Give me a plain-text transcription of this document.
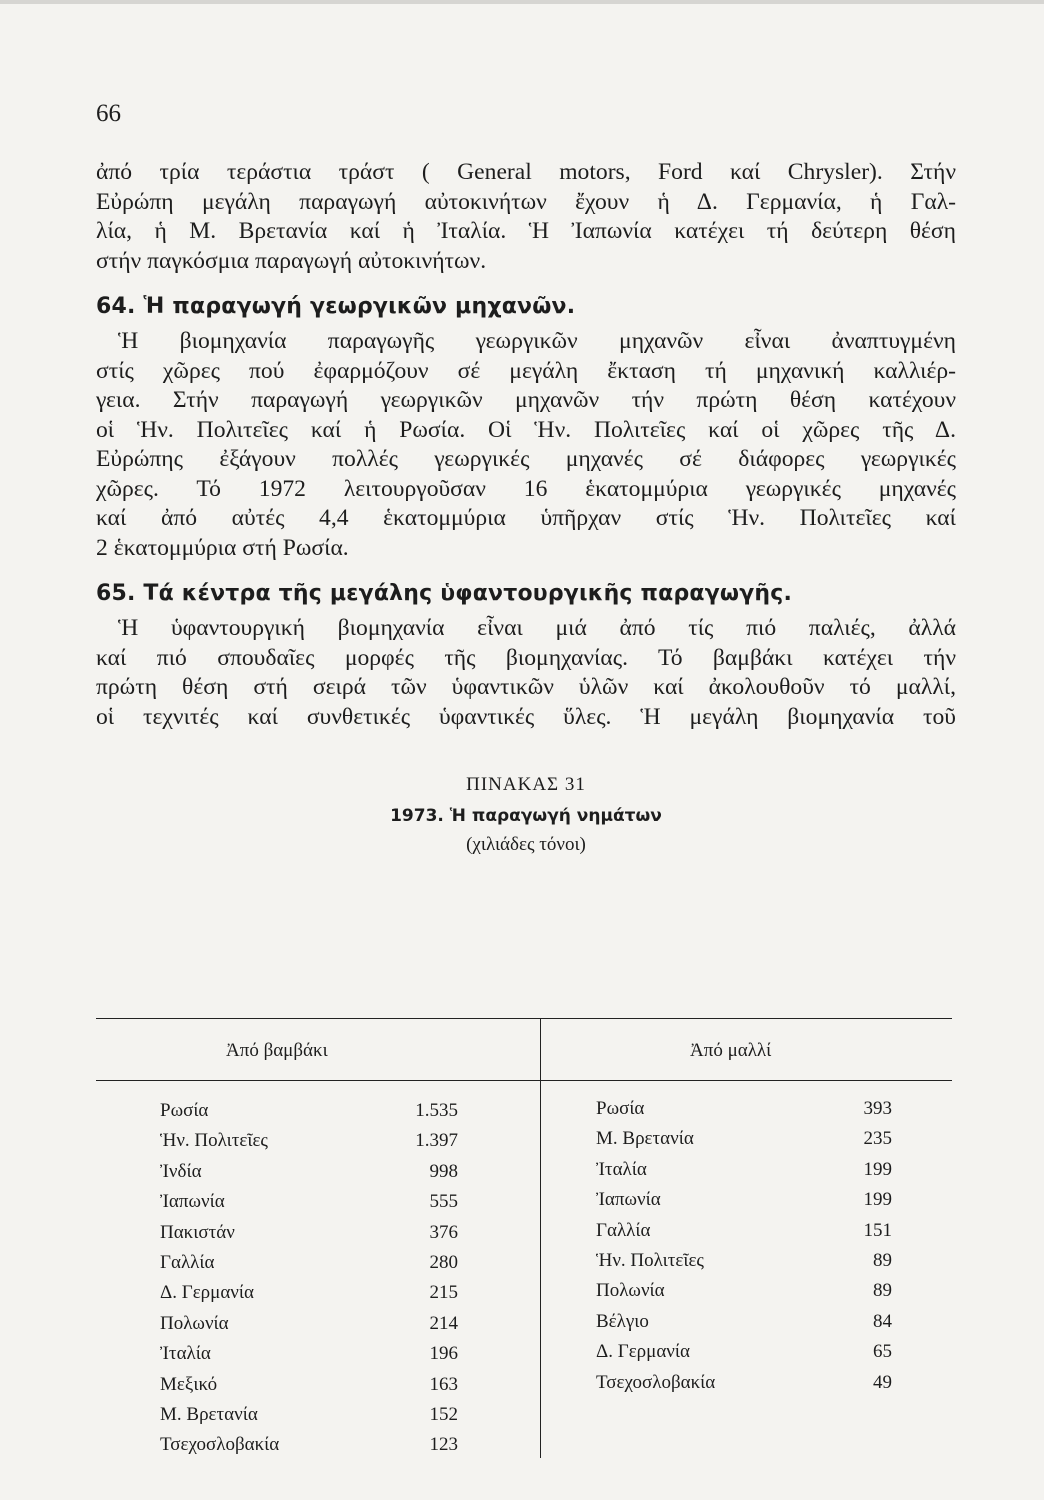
66

ἀπό τρία τεράστια τράστ ( General motors, Ford καί Chrysler). Στήν
Εὐρώπη μεγάλη παραγωγή αὐτοκινήτων ἔχουν ἡ Δ. Γερμανία, ἡ Γαλ-
λία, ἡ Μ. Βρετανία καί ἡ Ἰταλία. Ἡ Ἰαπωνία κατέχει τή δεύτερη θέση
στήν παγκόσμια παραγωγή αὐτοκινήτων.

64. Ἡ παραγωγή γεωργικῶν μηχανῶν.

Ἡ βιομηχανία παραγωγῆς γεωργικῶν μηχανῶν εἶναι ἀναπτυγμένη
στίς χῶρες πού ἐφαρμόζουν σέ μεγάλη ἔκταση τή μηχανική καλλιέρ-
γεια. Στήν παραγωγή γεωργικῶν μηχανῶν τήν πρώτη θέση κατέχουν
οἱ Ἡν. Πολιτεῖες καί ἡ Ρωσία. Οἱ Ἡν. Πολιτεῖες καί οἱ χῶρες τῆς Δ.
Εὐρώπης ἐξάγουν πολλές γεωργικές μηχανές σέ διάφορες γεωργικές
χῶρες. Τό 1972 λειτουργοῦσαν 16 ἑκατομμύρια γεωργικές μηχανές
καί ἀπό αὐτές 4,4 ἑκατομμύρια ὑπῆρχαν στίς Ἡν. Πολιτεῖες καί
2 ἑκατομμύρια στή Ρωσία.

65. Τά κέντρα τῆς μεγάλης ὑφαντουργικῆς παραγωγῆς.

Ἡ ὑφαντουργική βιομηχανία εἶναι μιά ἀπό τίς πιό παλιές, ἀλλά
καί πιό σπουδαῖες μορφές τῆς βιομηχανίας. Τό βαμβάκι κατέχει τήν
πρώτη θέση στή σειρά τῶν ὑφαντικῶν ὑλῶν καί ἀκολουθοῦν τό μαλλί,
οἱ τεχνιτές καί συνθετικές ὑφαντικές ὕλες. Ἡ μεγάλη βιομηχανία τοῦ

ΠΙΝΑΚΑΣ 31
1973. Ἡ παραγωγή νημάτων
(χιλιάδες τόνοι)
Ἀπό βαμβάκι	Ἀπό μαλλί
Ρωσία	1.535
Ἡν. Πολιτεῖες	1.397
Ἰνδία	998
Ἰαπωνία	555
Πακιστάν	376
Γαλλία	280
Δ. Γερμανία	215
Πολωνία	214
Ἰταλία	196
Μεξικό	163
Μ. Βρετανία	152
Τσεχοσλοβακία	123
Ρωσία	393
Μ. Βρετανία	235
Ἰταλία	199
Ἰαπωνία	199
Γαλλία	151
Ἡν. Πολιτεῖες	89
Πολωνία	89
Βέλγιο	84
Δ. Γερμανία	65
Τσεχοσλοβακία	49
